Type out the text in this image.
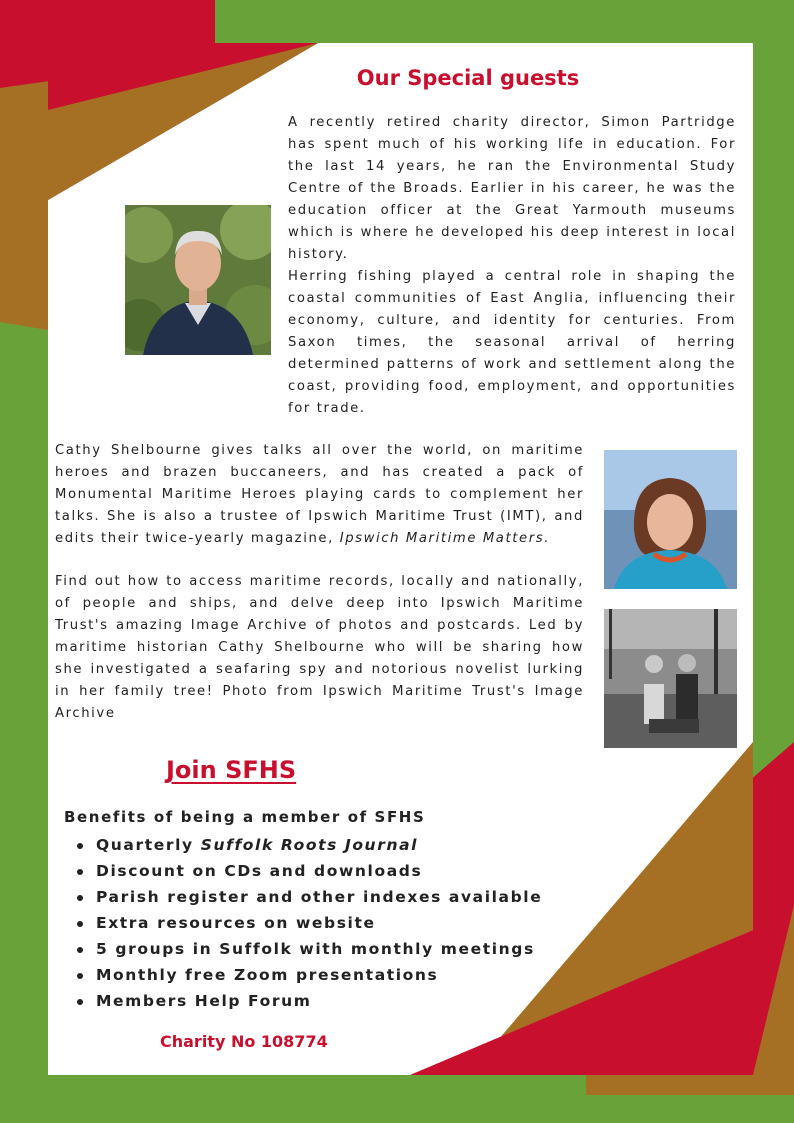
Our Special guests

A recently retired charity director, Simon Partridge has spent much of his working life in education. For the last 14 years, he ran the Environmental Study Centre of the Broads. Earlier in his career, he was the education officer at the Great Yarmouth museums which is where he developed his deep interest in local history.

Herring fishing played a central role in shaping the coastal communities of East Anglia, influencing their economy, culture, and identity for centuries. From Saxon times, the seasonal arrival of herring determined patterns of work and settlement along the coast, providing food, employment, and opportunities for trade.

Cathy Shelbourne gives talks all over the world, on maritime heroes and brazen buccaneers, and has created a pack of Monumental Maritime Heroes playing cards to complement her talks. She is also a trustee of Ipswich Maritime Trust (IMT), and edits their twice-yearly magazine, Ipswich Maritime Matters.

Find out how to access maritime records, locally and nationally, of people and ships, and delve deep into Ipswich Maritime Trust's amazing Image Archive of photos and postcards. Led by maritime historian Cathy Shelbourne who will be sharing how she investigated a seafaring spy and notorious novelist lurking in her family tree! Photo from Ipswich Maritime Trust's Image Archive

Join SFHS

Benefits of being a member of SFHS

Quarterly Suffolk Roots Journal
Discount on CDs and downloads
Parish register and other indexes available
Extra resources on website
5 groups in Suffolk with monthly meetings
Monthly free Zoom presentations
Members Help Forum

Charity No 108774
